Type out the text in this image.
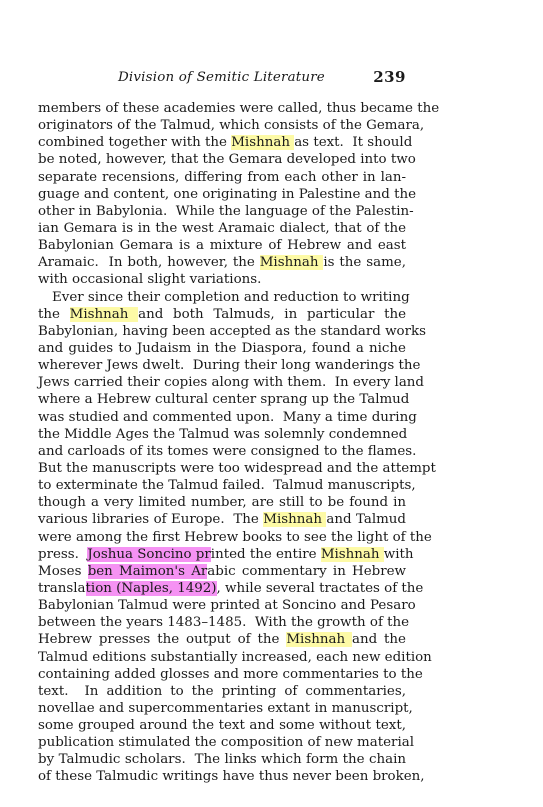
Division of Semitic Literature	239
members of these academies were called, thus became the
originators of the Talmud, which consists of the Gemara,
combined together with the Mishnah as text.  It should
be noted, however, that the Gemara developed into two
separate recensions, differing from each other in lan-
guage and content, one originating in Palestine and the
other in Babylonia.  While the language of the Palestin-
ian Gemara is in the west Aramaic dialect, that of the
Babylonian Gemara is a mixture of Hebrew and east
Aramaic.  In both, however, the Mishnah is the same,
with occasional slight variations.
Ever since their completion and reduction to writing
the Mishnah and both Talmuds, in particular the
Babylonian, having been accepted as the standard works
and guides to Judaism in the Diaspora, found a niche
wherever Jews dwelt.  During their long wanderings the
Jews carried their copies along with them.  In every land
where a Hebrew cultural center sprang up the Talmud
was studied and commented upon.  Many a time during
the Middle Ages the Talmud was solemnly condemned
and carloads of its tomes were consigned to the flames.
But the manuscripts were too widespread and the attempt
to exterminate the Talmud failed.  Talmud manuscripts,
though a very limited number, are still to be found in
various libraries of Europe.  The Mishnah and Talmud
were among the first Hebrew books to see the light of the
press.  Joshua Soncino printed the entire Mishnah with
Moses ben Maimon's Arabic commentary in Hebrew
translation (Naples, 1492), while several tractates of the
Babylonian Talmud were printed at Soncino and Pesaro
between the years 1483–1485.  With the growth of the
Hebrew presses the output of the Mishnah and the
Talmud editions substantially increased, each new edition
containing added glosses and more commentaries to the
text.  In addition to the printing of commentaries,
novellae and supercommentaries extant in manuscript,
some grouped around the text and some without text,
publication stimulated the composition of new material
by Talmudic scholars.  The links which form the chain
of these Talmudic writings have thus never been broken,
